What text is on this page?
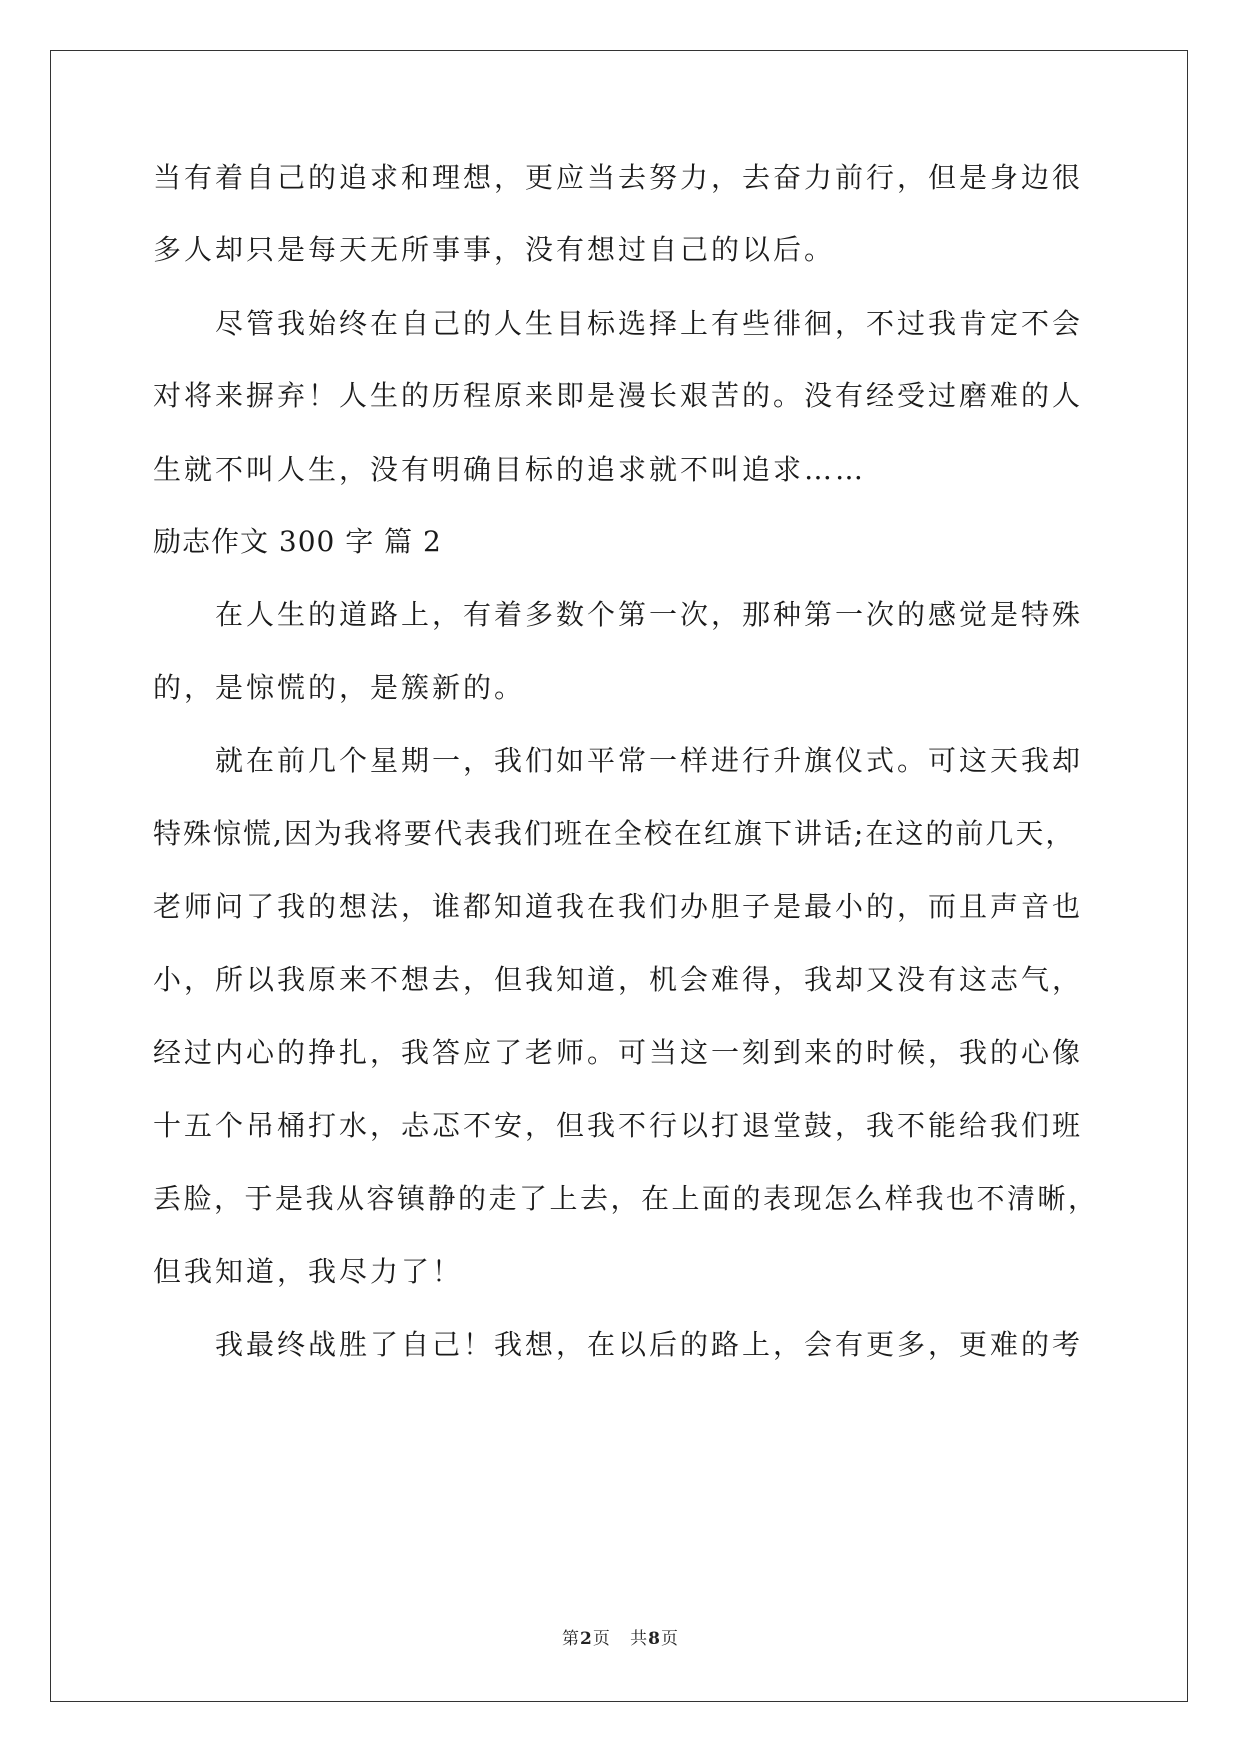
当有着自己的追求和理想，更应当去努力，去奋力前行，但是身边很
多人却只是每天无所事事，没有想过自己的以后。
尽管我始终在自己的人生目标选择上有些徘徊，不过我肯定不会
对将来摒弃！人生的历程原来即是漫长艰苦的。没有经受过磨难的人
生就不叫人生，没有明确目标的追求就不叫追求……
励志作文 300 字 篇 2
在人生的道路上，有着多数个第一次，那种第一次的感觉是特殊
的，是惊慌的，是簇新的。
就在前几个星期一，我们如平常一样进行升旗仪式。可这天我却
特殊惊慌,因为我将要代表我们班在全校在红旗下讲话;在这的前几天，
老师问了我的想法，谁都知道我在我们办胆子是最小的，而且声音也
小，所以我原来不想去，但我知道，机会难得，我却又没有这志气，
经过内心的挣扎，我答应了老师。可当这一刻到来的时候，我的心像
十五个吊桶打水，忐忑不安，但我不行以打退堂鼓，我不能给我们班
丢脸，于是我从容镇静的走了上去，在上面的表现怎么样我也不清晰，
但我知道，我尽力了！
我最终战胜了自己！我想，在以后的路上，会有更多，更难的考
第2页 共8页
